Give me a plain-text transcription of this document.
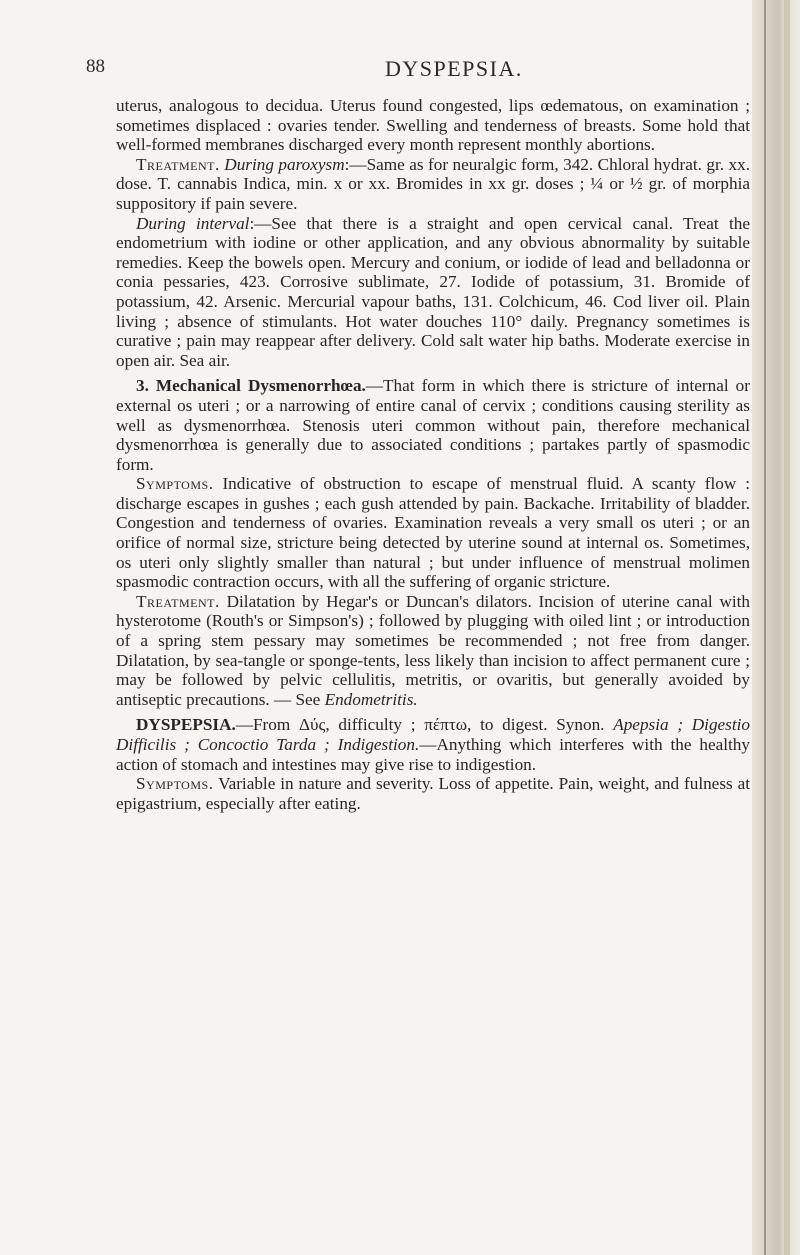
88	DYSPEPSIA.

uterus, analogous to decidua. Uterus found congested, lips œdematous, on examination ; sometimes displaced : ovaries tender. Swelling and tenderness of breasts. Some hold that well-formed membranes discharged every month represent monthly abortions.

Treatment. During paroxysm:—Same as for neuralgic form, 342. Chloral hydrat. gr. xx. dose. T. cannabis Indica, min. x or xx. Bromides in xx gr. doses ; ¼ or ½ gr. of morphia suppository if pain severe.

During interval:—See that there is a straight and open cervical canal. Treat the endometrium with iodine or other application, and any obvious abnormality by suitable remedies. Keep the bowels open. Mercury and conium, or iodide of lead and belladonna or conia pessaries, 423. Corrosive sublimate, 27. Iodide of potassium, 31. Bromide of potassium, 42. Arsenic. Mercurial vapour baths, 131. Colchicum, 46. Cod liver oil. Plain living ; absence of stimulants. Hot water douches 110° daily. Pregnancy sometimes is curative ; pain may reappear after delivery. Cold salt water hip baths. Moderate exercise in open air. Sea air.

3. Mechanical Dysmenorrhœa.—That form in which there is stricture of internal or external os uteri ; or a narrowing of entire canal of cervix ; conditions causing sterility as well as dysmenorrhœa. Stenosis uteri common without pain, therefore mechanical dysmenorrhœa is generally due to associated conditions ; partakes partly of spasmodic form.

Symptoms. Indicative of obstruction to escape of menstrual fluid. A scanty flow : discharge escapes in gushes ; each gush attended by pain. Backache. Irritability of bladder. Congestion and tenderness of ovaries. Examination reveals a very small os uteri ; or an orifice of normal size, stricture being detected by uterine sound at internal os. Sometimes, os uteri only slightly smaller than natural ; but under influence of menstrual molimen spasmodic contraction occurs, with all the suffering of organic stricture.

Treatment. Dilatation by Hegar's or Duncan's dilators. Incision of uterine canal with hysterotome (Routh's or Simpson's) ; followed by plugging with oiled lint ; or introduction of a spring stem pessary may sometimes be recommended ; not free from danger. Dilatation, by sea-tangle or sponge-tents, less likely than incision to affect permanent cure ; may be followed by pelvic cellulitis, metritis, or ovaritis, but generally avoided by antiseptic precautions. — See Endometritis.

DYSPEPSIA.—From Δύς, difficulty ; πέπτω, to digest. Synon. Apepsia ; Digestio Difficilis ; Concoctio Tarda ; Indigestion.—Anything which interferes with the healthy action of stomach and intestines may give rise to indigestion.

Symptoms. Variable in nature and severity. Loss of appetite. Pain, weight, and fulness at epigastrium, especially after eating.
